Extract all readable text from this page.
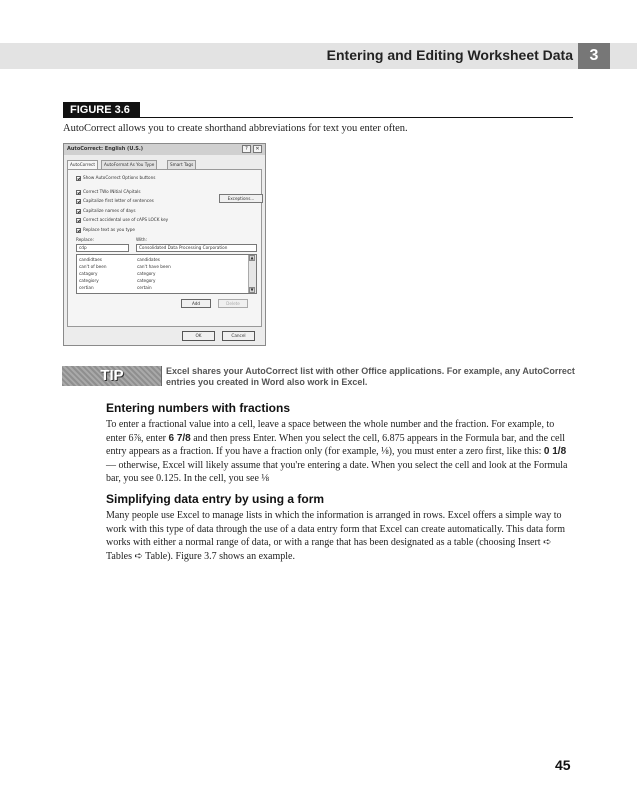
Entering and Editing Worksheet Data	3
FIGURE 3.6
AutoCorrect allows you to create shorthand abbreviations for text you enter often.
AutoCorrect: English (U.S.)	?	✕
AutoCorrect	AutoFormat As You Type	Smart Tags
Show AutoCorrect Options buttons
Correct TWo INitial CApitals
Capitalize first letter of sentences
Capitalize names of days
Correct accidental use of cAPS LOCK key
Replace text as you type
Exceptions...
Replace:	With:
cdp	Consolidated Data Processing Corporation
candidtaes	candidates
can't of been	can't have been
catagory	category
categiory	category
certian	certain
▲
▼
Add	Delete
OK	Cancel
TIP	Excel shares your AutoCorrect list with other Office applications. For example, any AutoCorrect entries you created in Word also work in Excel.
Entering numbers with fractions
To enter a fractional value into a cell, leave a space between the whole number and the fraction. For example, to enter 6⅞, enter 6 7/8 and then press Enter. When you select the cell, 6.875 appears in the Formula bar, and the cell entry appears as a fraction. If you have a fraction only (for example, ⅛), you must enter a zero first, like this: 0 1/8 — otherwise, Excel will likely assume that you're entering a date. When you select the cell and look at the Formula bar, you see 0.125. In the cell, you see ⅛
Simplifying data entry by using a form
Many people use Excel to manage lists in which the information is arranged in rows. Excel offers a simple way to work with this type of data through the use of a data entry form that Excel can create automatically. This data form works with either a normal range of data, or with a range that has been designated as a table (choosing Insert ➪ Tables ➪ Table). Figure 3.7 shows an example.
45
